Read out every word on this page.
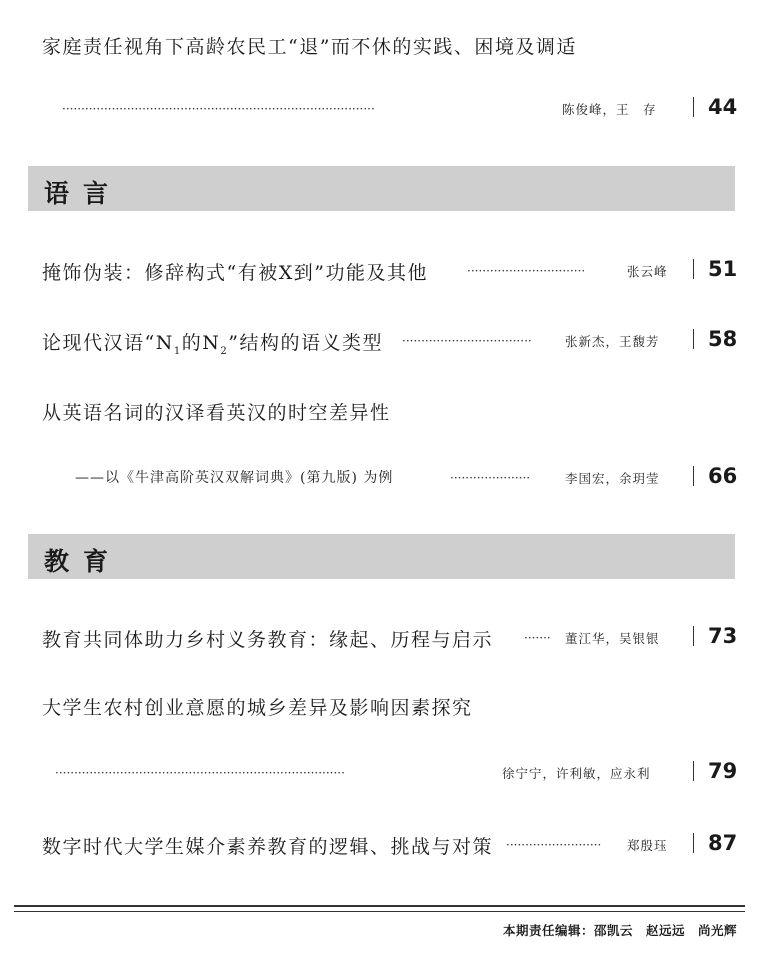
家庭责任视角下高龄农民工“退”而不休的实践、困境及调适
··················································································	陈俊峰，王　存 44
语言
掩饰伪装：修辞构式“有被X到”功能及其他	·······························	张云峰 51
论现代汉语“$N_1$的$N_2$”结构的语义类型 ··································	张新杰，王馥芳 58
从英语名词的汉译看英汉的时空差异性
——以《牛津高阶英汉双解词典》(第九版) 为例	·····················	李国宏，余玥莹 66
教育
教育共同体助力乡村义务教育：缘起、历程与启示	······· 董江华，吴银银 73
大学生农村创业意愿的城乡差异及影响因素探究
············································································	徐宁宁，许利敏，应永利	79
数字时代大学生媒介素养教育的逻辑、挑战与对策 ························· 郑殷珏 87
本期责任编辑：邵凯云　赵远远　尚光辉
